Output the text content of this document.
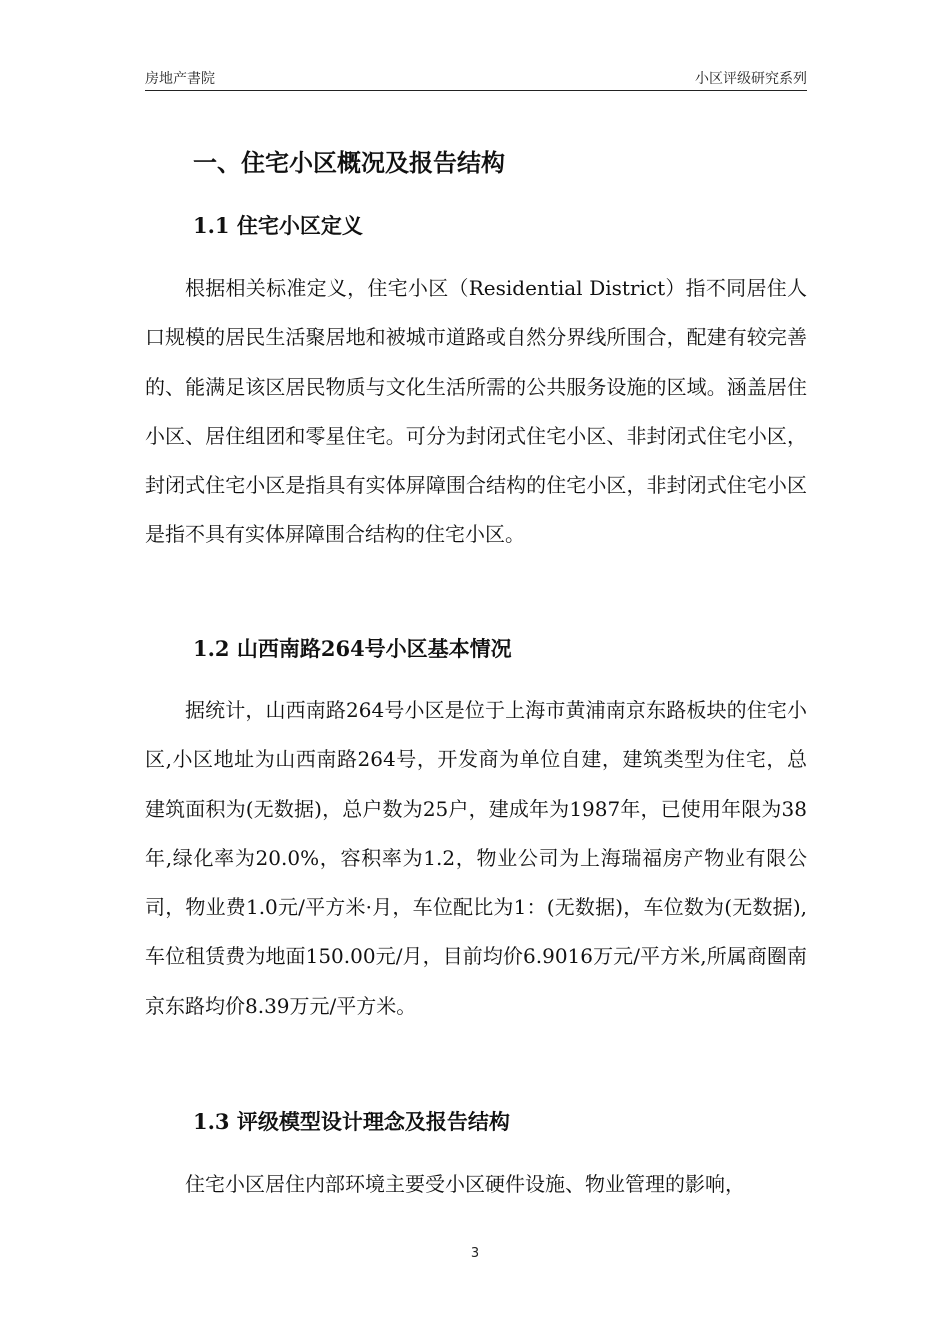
房地产書院	小区评级研究系列
一、住宅小区概况及报告结构
1.1 住宅小区定义

根据相关标准定义，住宅小区（Residential District）指不同居住人口规模的居民生活聚居地和被城市道路或自然分界线所围合，配建有较完善的、能满足该区居民物质与文化生活所需的公共服务设施的区域。涵盖居住小区、居住组团和零星住宅。可分为封闭式住宅小区、非封闭式住宅小区，封闭式住宅小区是指具有实体屏障围合结构的住宅小区，非封闭式住宅小区是指不具有实体屏障围合结构的住宅小区。

1.2 山西南路264号小区基本情况

据统计，山西南路264号小区是位于上海市黄浦南京东路板块的住宅小区,小区地址为山西南路264号，开发商为单位自建，建筑类型为住宅，总建筑面积为(无数据)，总户数为25户，建成年为1987年，已使用年限为38年,绿化率为20.0%，容积率为1.2，物业公司为上海瑞福房产物业有限公司，物业费1.0元/平方米·月，车位配比为1：(无数据)，车位数为(无数据),车位租赁费为地面150.00元/月，目前均价6.9016万元/平方米,所属商圈南京东路均价8.39万元/平方米。

1.3 评级模型设计理念及报告结构

住宅小区居住内部环境主要受小区硬件设施、物业管理的影响，

3
